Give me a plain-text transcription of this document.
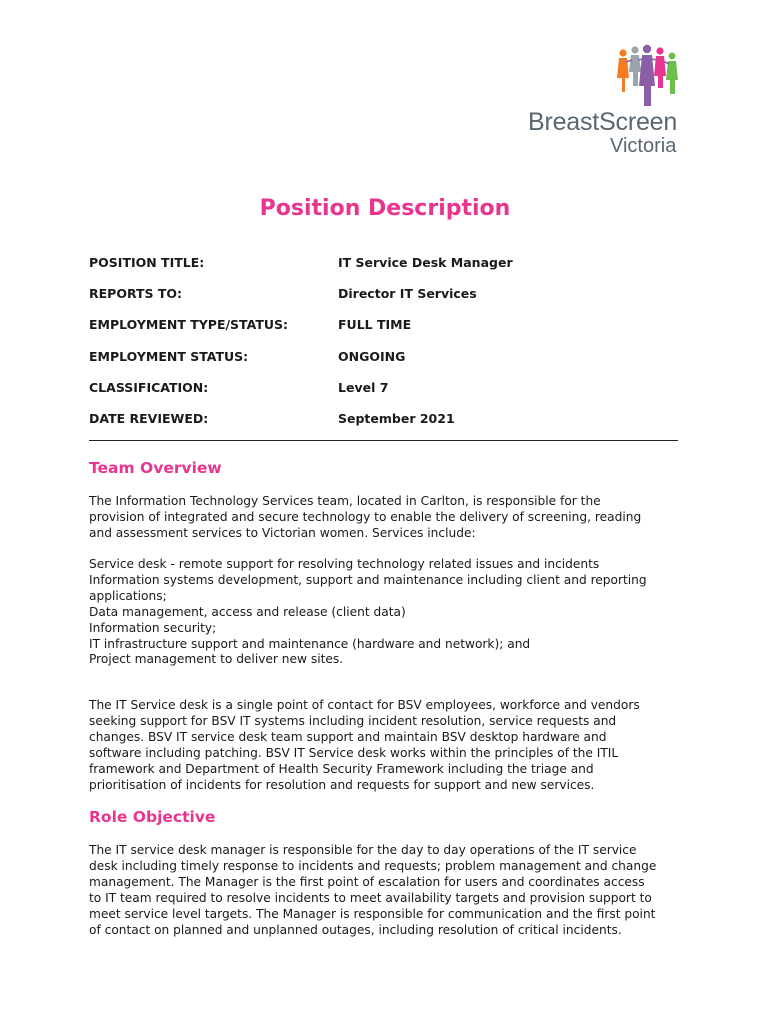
BreastScreen
Victoria
Position Description
POSITION TITLE:	IT Service Desk Manager
REPORTS TO:	Director IT Services
EMPLOYMENT TYPE/STATUS:	FULL TIME
EMPLOYMENT STATUS:	ONGOING
CLASSIFICATION:	Level 7
DATE REVIEWED:	September 2021
Team Overview
The Information Technology Services team, located in Carlton, is responsible for the
provision of integrated and secure technology to enable the delivery of screening, reading
and assessment services to Victorian women. Services include:
Service desk - remote support for resolving technology related issues and incidents
Information systems development, support and maintenance including client and reporting
applications;
Data management, access and release (client data)
Information security;
IT infrastructure support and maintenance (hardware and network); and
Project management to deliver new sites.
The IT Service desk is a single point of contact for BSV employees, workforce and vendors
seeking support for BSV IT systems including incident resolution, service requests and
changes. BSV IT service desk team support and maintain BSV desktop hardware and
software including patching. BSV IT Service desk works within the principles of the ITIL
framework and Department of Health Security Framework including the triage and
prioritisation of incidents for resolution and requests for support and new services.
Role Objective
The IT service desk manager is responsible for the day to day operations of the IT service
desk including timely response to incidents and requests; problem management and change
management. The Manager is the first point of escalation for users and coordinates access
to IT team required to resolve incidents to meet availability targets and provision support to
meet service level targets. The Manager is responsible for communication and the first point
of contact on planned and unplanned outages, including resolution of critical incidents.
